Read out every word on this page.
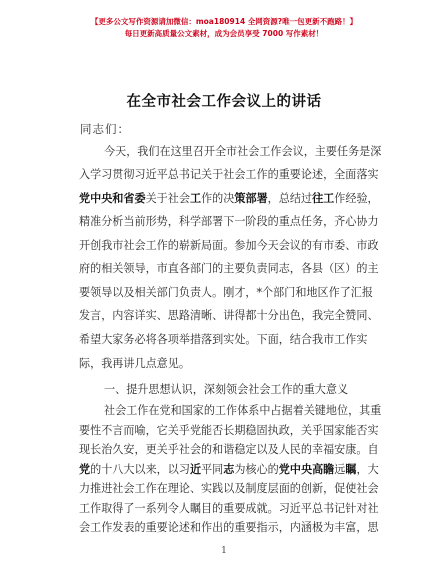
【更多公文写作资源请加微信：moa180914 全网资源?唯一包更新不跑路！】
每日更新高质量公文素材，成为会员享受 7000 写作素材！
在全市社会工作会议上的讲话
同志们：
今天，我们在这里召开全市社会工作会议，主要任务是深
入学习贯彻习近平总书记关于社会工作的重要论述，全面落实
党中央和省委关于社会工作的决策部署，总结过往工作经验，
精准分析当前形势，科学部署下一阶段的重点任务，齐心协力
开创我市社会工作的崭新局面。参加今天会议的有市委、市政
府的相关领导，市直各部门的主要负责同志，各县（区）的主
要领导以及相关部门负责人。刚才，*个部门和地区作了汇报
发言，内容详实、思路清晰、讲得都十分出色，我完全赞同、
希望大家务必将各项举措落到实处。下面，结合我市工作实
际，我再讲几点意见。
一、提升思想认识，深刻领会社会工作的重大意义
社会工作在党和国家的工作体系中占据着关键地位，其重
要性不言而喻，它关乎党能否长期稳固执政，关乎国家能否实
现长治久安，更关乎社会的和谐稳定以及人民的幸福安康。自
党的十八大以来，以习近平同志为核心的党中央高瞻远瞩，大
力推进社会工作在理论、实践以及制度层面的创新，促使社会
工作取得了一系列令人瞩目的重要成就。习近平总书记针对社
会工作发表的重要论述和作出的重要指示，内涵极为丰富，思
1
